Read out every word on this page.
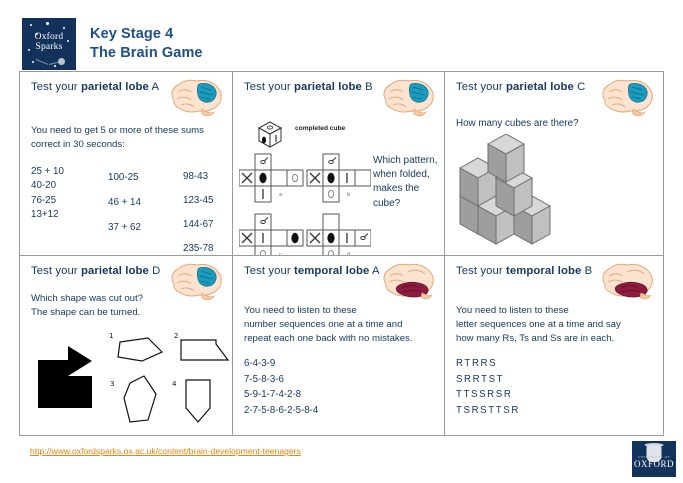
Oxford
Sparks
Key Stage 4
The Brain Game
Test your parietal lobe A
You need to get 5 or more of these sums correct in 30 seconds:
25 + 10
40-20
76-25
13+12
100-25
46 + 14
37 + 62
98-43
123-45
144-67
235-78
Test your parietal lobe B
completed cube
a	b
c	d
Which pattern, when folded, makes the cube?
Test your parietal lobe C
How many cubes are there?
Test your parietal lobe D
Which shape was cut out?
The shape can be turned.
1	2
3	4
Test your temporal lobe A
You need to listen to these
number sequences one at a time and
repeat each one back with no mistakes.
6-4-3-9
7-5-8-3-6
5-9-1-7-4-2-8
2-7-5-8-6-2-5-8-4
Test your temporal lobe B
You need to listen to these
letter sequences one at a time and say
how many Rs, Ts and Ss are in each.
RTRRS
SRRTST
TTSSRSR
TSRSTTSR
http://www.oxfordsparks.ox.ac.uk/content/brain-development-teenagers
UNIVERSITY OF
OXFORD
